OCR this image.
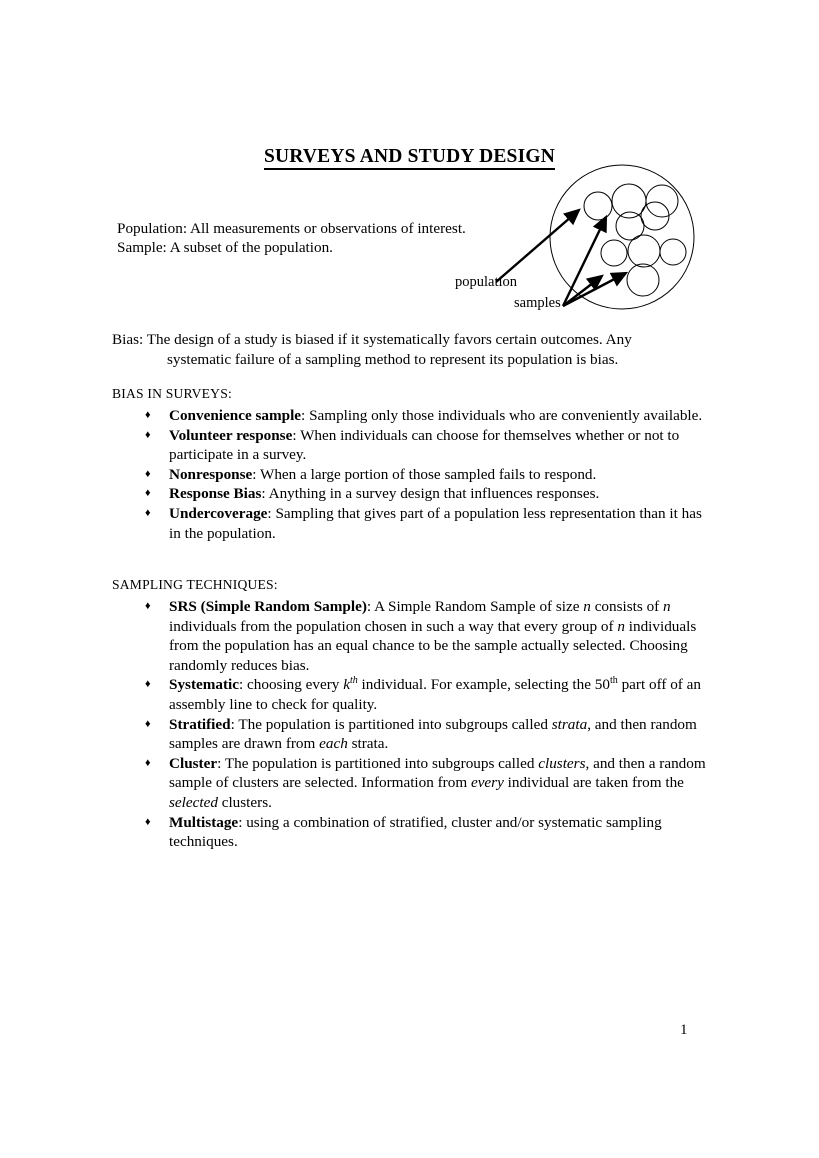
SURVEYS AND STUDY DESIGN
Population: All measurements or observations of interest.
Sample: A subset of the population.
population
samples
Bias: The design of a study is biased if it systematically favors certain outcomes. Any
systematic failure of a sampling method to represent its population is bias.
BIAS IN SURVEYS:
♦ Convenience sample: Sampling only those individuals who are conveniently available.
♦ Volunteer response: When individuals can choose for themselves whether or not to participate in a survey.
♦ Nonresponse: When a large portion of those sampled fails to respond.
♦ Response Bias: Anything in a survey design that influences responses.
♦ Undercoverage: Sampling that gives part of a population less representation than it has in the population.
SAMPLING TECHNIQUES:
♦ SRS (Simple Random Sample): A Simple Random Sample of size n consists of n individuals from the population chosen in such a way that every group of n individuals from the population has an equal chance to be the sample actually selected. Choosing randomly reduces bias.
♦ Systematic: choosing every $k^{th}$ individual. For example, selecting the 50th part off of an assembly line to check for quality.
♦ Stratified: The population is partitioned into subgroups called strata, and then random samples are drawn from each strata.
♦ Cluster: The population is partitioned into subgroups called clusters, and then a random sample of clusters are selected. Information from every individual are taken from the selected clusters.
♦ Multistage: using a combination of stratified, cluster and/or systematic sampling techniques.
1
